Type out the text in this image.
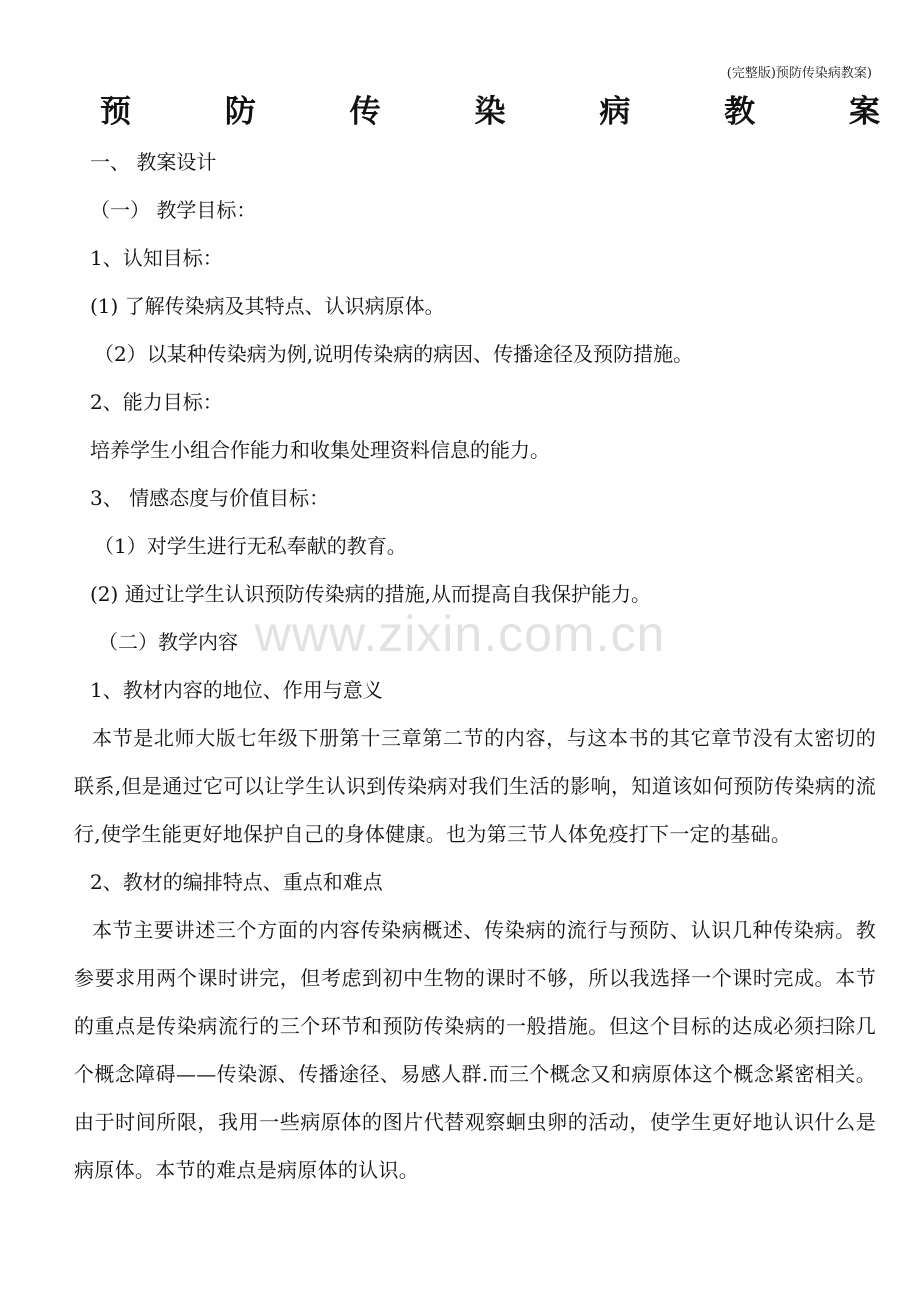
(完整版)预防传染病教案)
预	防	传	染	病	教	案
一、 教案设计
（一） 教学目标：
1、认知目标：
(1) 了解传染病及其特点、认识病原体。
（2）以某种传染病为例,说明传染病的病因、传播途径及预防措施。
2、能力目标：
培养学生小组合作能力和收集处理资料信息的能力。
3、 情感态度与价值目标：
（1）对学生进行无私奉献的教育。
(2) 通过让学生认识预防传染病的措施,从而提高自我保护能力。
（二）教学内容
1、教材内容的地位、作用与意义
本节是北师大版七年级下册第十三章第二节的内容，与这本书的其它章节没有太密切的联系,但是通过它可以让学生认识到传染病对我们生活的影响，知道该如何预防传染病的流行,使学生能更好地保护自己的身体健康。也为第三节人体免疫打下一定的基础。
2、教材的编排特点、重点和难点
本节主要讲述三个方面的内容传染病概述、传染病的流行与预防、认识几种传染病。教参要求用两个课时讲完，但考虑到初中生物的课时不够，所以我选择一个课时完成。本节的重点是传染病流行的三个环节和预防传染病的一般措施。但这个目标的达成必须扫除几个概念障碍——传染源、传播途径、易感人群.而三个概念又和病原体这个概念紧密相关。由于时间所限，我用一些病原体的图片代替观察蛔虫卵的活动，使学生更好地认识什么是病原体。本节的难点是病原体的认识。
www.zixin.com.cn
